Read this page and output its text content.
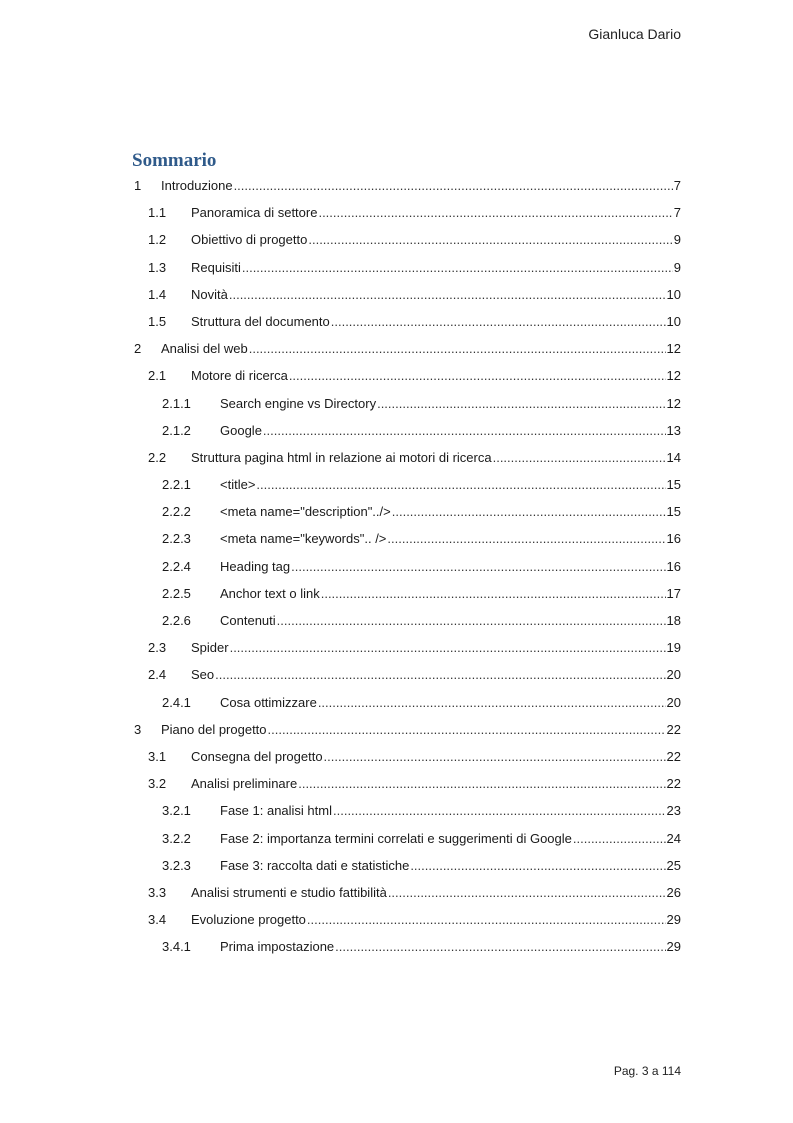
Gianluca Dario
Sommario
1	Introduzione .....	7
1.1	Panoramica di settore .....	7
1.2	Obiettivo di progetto .....	9
1.3	Requisiti .....	9
1.4	Novità .....	10
1.5	Struttura del documento .....	10
2	Analisi del web .....	12
2.1	Motore di ricerca .....	12
2.1.1	Search engine vs Directory .....	12
2.1.2	Google .....	13
2.2	Struttura pagina html in relazione ai motori di ricerca .....	14
2.2.1	<title> .....	15
2.2.2	<meta name="description"../> .....	15
2.2.3	<meta name="keywords".. /> .....	16
2.2.4	Heading tag .....	16
2.2.5	Anchor text o link .....	17
2.2.6	Contenuti .....	18
2.3	Spider .....	19
2.4	Seo .....	20
2.4.1	Cosa ottimizzare .....	20
3	Piano del progetto .....	22
3.1	Consegna del progetto .....	22
3.2	Analisi preliminare .....	22
3.2.1	Fase 1: analisi html .....	23
3.2.2	Fase 2: importanza termini correlati e suggerimenti di Google .....	24
3.2.3	Fase 3: raccolta dati e statistiche .....	25
3.3	Analisi strumenti e studio fattibilità .....	26
3.4	Evoluzione progetto .....	29
3.4.1	Prima impostazione .....	29
Pag. 3 a 114
